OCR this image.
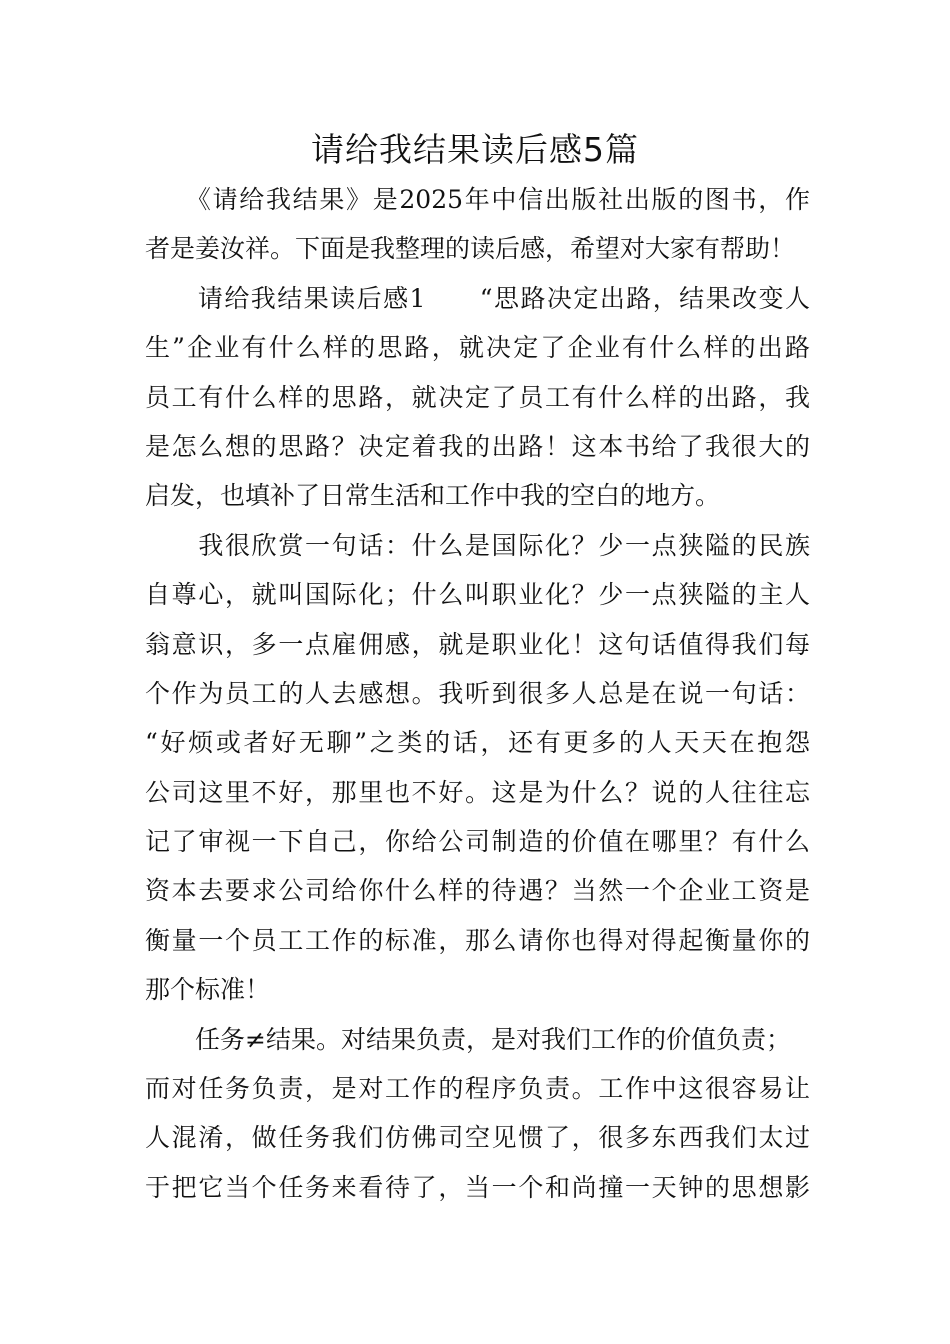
请给我结果读后感5篇
　　《请给我结果》是2025年中信出版社出版的图书，作
者是姜汝祥。下面是我整理的读后感，希望对大家有帮助！
　　请给我结果读后感1　　“思路决定出路，结果改变人
生”企业有什么样的思路，就决定了企业有什么样的出路
员工有什么样的思路，就决定了员工有什么样的出路，我
是怎么想的思路？决定着我的出路！这本书给了我很大的
启发，也填补了日常生活和工作中我的空白的地方。
　　我很欣赏一句话：什么是国际化？少一点狭隘的民族
自尊心，就叫国际化；什么叫职业化？少一点狭隘的主人
翁意识，多一点雇佣感，就是职业化！这句话值得我们每
个作为员工的人去感想。我听到很多人总是在说一句话：
“好烦或者好无聊”之类的话，还有更多的人天天在抱怨
公司这里不好，那里也不好。这是为什么？说的人往往忘
记了审视一下自己，你给公司制造的价值在哪里？有什么
资本去要求公司给你什么样的待遇？当然一个企业工资是
衡量一个员工工作的标准，那么请你也得对得起衡量你的
那个标准！
　　任务≠结果。对结果负责，是对我们工作的价值负责；
而对任务负责，是对工作的程序负责。工作中这很容易让
人混淆，做任务我们仿佛司空见惯了，很多东西我们太过
于把它当个任务来看待了，当一个和尚撞一天钟的思想影
